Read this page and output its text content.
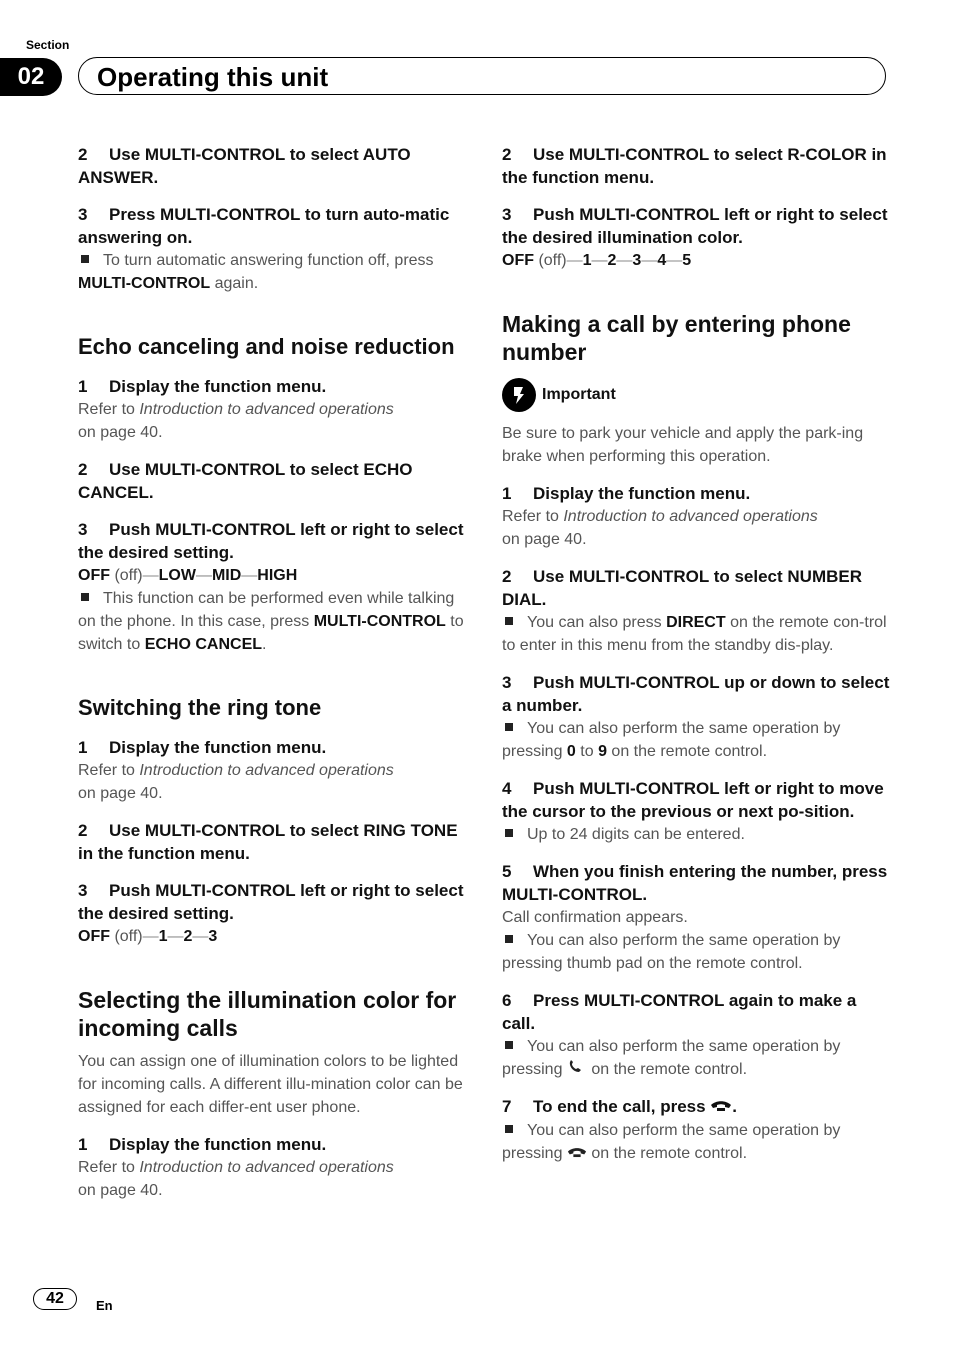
Section
02	Operating this unit
2 Use MULTI-CONTROL to select AUTO ANSWER.
3 Press MULTI-CONTROL to turn auto-matic answering on.
To turn automatic answering function off, press MULTI-CONTROL again.
Echo canceling and noise reduction
1 Display the function menu.
Refer to Introduction to advanced operations
on page 40.
2 Use MULTI-CONTROL to select ECHO CANCEL.
3 Push MULTI-CONTROL left or right to select the desired setting.
OFF (off)—LOW—MID—HIGH
This function can be performed even while talking on the phone. In this case, press MULTI-CONTROL to switch to ECHO CANCEL.
Switching the ring tone
1 Display the function menu.
Refer to Introduction to advanced operations
on page 40.
2 Use MULTI-CONTROL to select RING TONE in the function menu.
3 Push MULTI-CONTROL left or right to select the desired setting.
OFF (off)—1—2—3
Selecting the illumination color for incoming calls
You can assign one of illumination colors to be lighted for incoming calls. A different illu-mination color can be assigned for each differ-ent user phone.
1 Display the function menu.
Refer to Introduction to advanced operations
on page 40.
2 Use MULTI-CONTROL to select R-COLOR in the function menu.
3 Push MULTI-CONTROL left or right to select the desired illumination color.
OFF (off)—1—2—3—4—5
Making a call by entering phone number
Important
Be sure to park your vehicle and apply the park-ing brake when performing this operation.
1 Display the function menu.
Refer to Introduction to advanced operations
on page 40.
2 Use MULTI-CONTROL to select NUMBER DIAL.
You can also press DIRECT on the remote con-trol to enter in this menu from the standby dis-play.
3 Push MULTI-CONTROL up or down to select a number.
You can also perform the same operation by pressing 0 to 9 on the remote control.
4 Push MULTI-CONTROL left or right to move the cursor to the previous or next po-sition.
Up to 24 digits can be entered.
5 When you finish entering the number, press MULTI-CONTROL.
Call confirmation appears.
You can also perform the same operation by pressing thumb pad on the remote control.
6 Press MULTI-CONTROL again to make a call.
You can also perform the same operation by pressing  on the remote control.
7 To end the call, press .
You can also perform the same operation by pressing  on the remote control.
42	En
